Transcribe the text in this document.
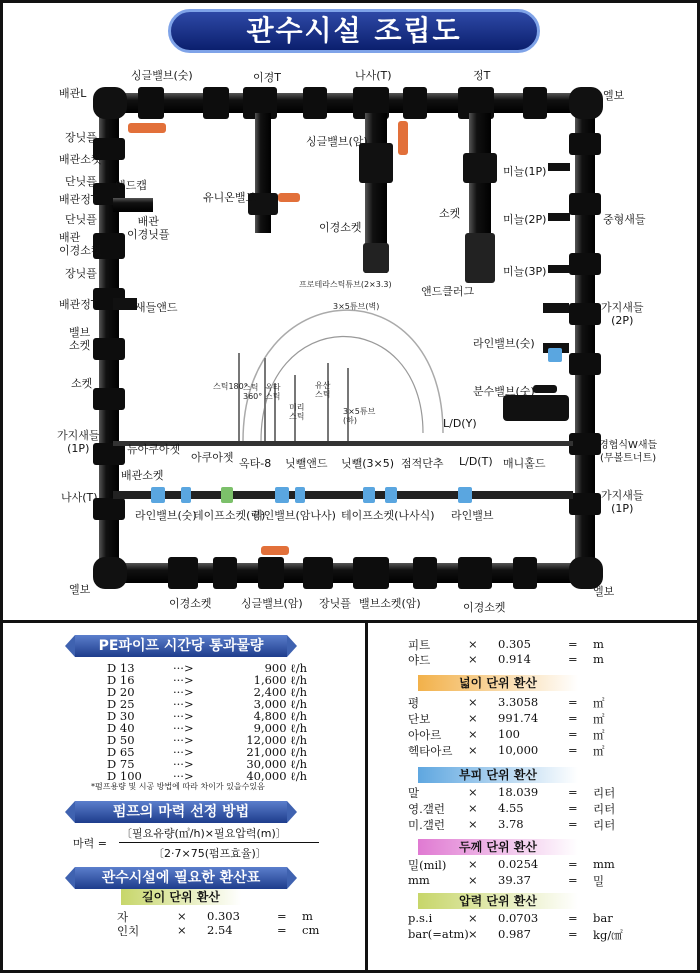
관수시설 조립도
싱글밸브(숫)	이경T	나사(T)	정T
엘보
배관L
장닛플
배관소켓
단닛플
배관정T
단닛플
배관
이경소켓
장닛플
배관정T
밸브
소켓
소켓
가지새들
(1P)
배관소켓
나사(T)
엘보
앤드캡
배관
이경닛플
유니온밸브
싱글밸브(암)
이경소켓
소켓
앤드클러그
새들앤드
미늘(1P)
미늘(2P)
미늘(3P)
중형새들
가지새들
(2P)
라인밸브(숫)
분수밸브(숫)
경협식W새들
(무볼트너트)
가지새들
(1P)
L/D(Y)
L/D(T) 매니홀드
점적단추
닛뺄(3×5)
닛뺄앤드
옥타-8
아쿠아젯
뉴아쿠아젯
라인밸브(숫)
테이프소켓(링)
라인밸브(암나사) 테이프소켓(나사식) 라인밸브
프로테라스틱튜브(2×3.3)
3×5튜브(벽)
스틱180°
스틱
360°
옥타
스틱
미리
스틱
유산
스틱
3×5튜브
(하)
이경소켓	싱글밸브(암) 장닛플 밸브소켓(암)	이경소켓
엘보
PE파이프 시간당 통과물량
D 13	···>	900 ℓ/h
D 16	···>	1,600 ℓ/h
D 20	···>	2,400 ℓ/h
D 25	···>	3,000 ℓ/h
D 30	···>	4,800 ℓ/h
D 40	···>	9,000 ℓ/h
D 50	···>	12,000 ℓ/h
D 65	···>	21,000 ℓ/h
D 75	···>	30,000 ℓ/h
D 100	···>	40,000 ℓ/h
*펌프용량 및 시공 방법에 따라 차이가 있을수있음
펌프의 마력 선정 방법
마력 =
〔필요유량(㎥/h)×필요압력(m)〕
〔2·7×75(펌프효율)〕
관수시설에 필요한 환산표
길이 단위 환산
자	× 0.303	= m
인치	× 2.54	= cm
피트	× 0.305	= m
야드	× 0.914	= m
넓이 단위 환산
평	× 3.3058	= ㎡
단보	× 991.74	= ㎡
아아르 × 100	= ㎡
헥타아르 × 10,000	= ㎡
부피 단위 환산
말	× 18.039	= 리터
영.갤런 × 4.55	= 리터
미.갤런 × 3.78	= 리터
두께 단위 환산
밀(mil) × 0.0254	= mm
mm	× 39.37	= 밀
압력 단위 환산
p.s.i	× 0.0703	= bar
bar(=atm) × 0.987	= kg/㎠
